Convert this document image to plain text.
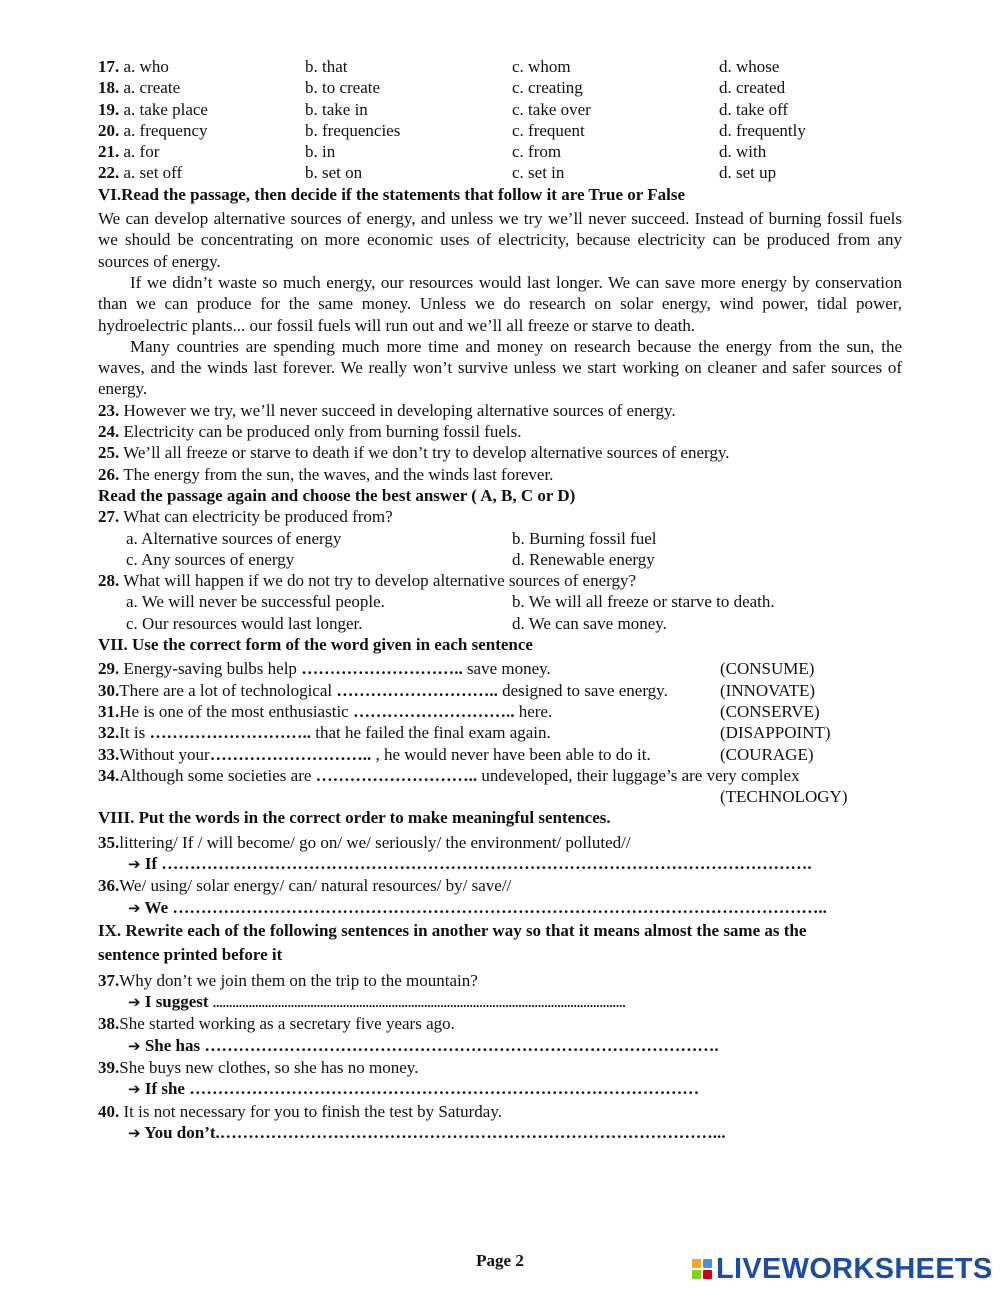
17. a. who	b. that	c. whom	d. whose
18. a. create	b. to create	c. creating	d. created
19. a. take place	b. take in	c. take over	d. take off
20. a. frequency	b. frequencies	c. frequent	d. frequently
21. a. for	b. in	c. from	d. with
22. a. set off	b. set on	c. set in	d. set up
VI.Read the passage, then decide if the statements that follow it are True or False
We can develop alternative sources of energy, and unless we try we’ll never succeed. Instead of burning fossil fuels we should be concentrating on more economic uses of electricity, because electricity can be produced from any sources of energy.
If we didn’t waste so much energy, our resources would last longer. We can save more energy by conservation than we can produce for the same money. Unless we do research on solar energy, wind power, tidal power, hydroelectric plants... our fossil fuels will run out and we’ll all freeze or starve to death.
Many countries are spending much more time and money on research because the energy from the sun, the waves, and the winds last forever. We really won’t survive unless we start working on cleaner and safer sources of energy.
23. However we try, we’ll never succeed in developing alternative sources of energy.
24. Electricity can be produced only from burning fossil fuels.
25. We’ll all freeze or starve to death if we don’t try to develop alternative sources of energy.
26. The energy from the sun, the waves, and the winds last forever.
Read the passage again and choose the best answer ( A, B, C or D)
27. What can electricity be produced from?
a. Alternative sources of energy	b. Burning fossil fuel
c. Any sources of energy	d. Renewable energy
28. What will happen if we do not try to develop alternative sources of energy?
a. We will never be successful people.	b. We will all freeze or starve to death.
c. Our resources would last longer.	d. We can save money.
VII. Use the correct form of the word given in each sentence
29. Energy-saving bulbs help ……………………….. save money.	(CONSUME)
30.There are a lot of technological ……………………….. designed to save energy.	(INNOVATE)
31.He is one of the most enthusiastic ……………………….. here.	(CONSERVE)
32.It is ……………………….. that he failed the final exam again.	(DISAPPOINT)
33.Without your……………………….. , he would never have been able to do it.	(COURAGE)
34.Although some societies are ……………………….. undeveloped, their luggage’s are very complex
(TECHNOLOGY)
VIII. Put the words in the correct order to make meaningful sentences.
35.littering/ If / will become/ go on/ we/ seriously/ the environment/ polluted//
➔ If …………………………………………………………………………………………………….
36.We/ using/ solar energy/ can/ natural resources/ by/ save//
➔ We ……………………………………………………………………………………………………..
IX. Rewrite each of the following sentences in another way so that it means almost the same as the
sentence printed before it
37.Why don’t we join them on the trip to the mountain?
➔ I suggest ...............................................................................................................................
38.She started working as a secretary five years ago.
➔ She has ……………………………………………………………………………….
39.She buys new clothes, so she has no money.
➔ If she ………………………………………………………………………………
40. It is not necessary for you to finish the test by Saturday.
➔ You don’t.……………………………………………………………………………...
Page 2	LIVEWORKSHEETS
